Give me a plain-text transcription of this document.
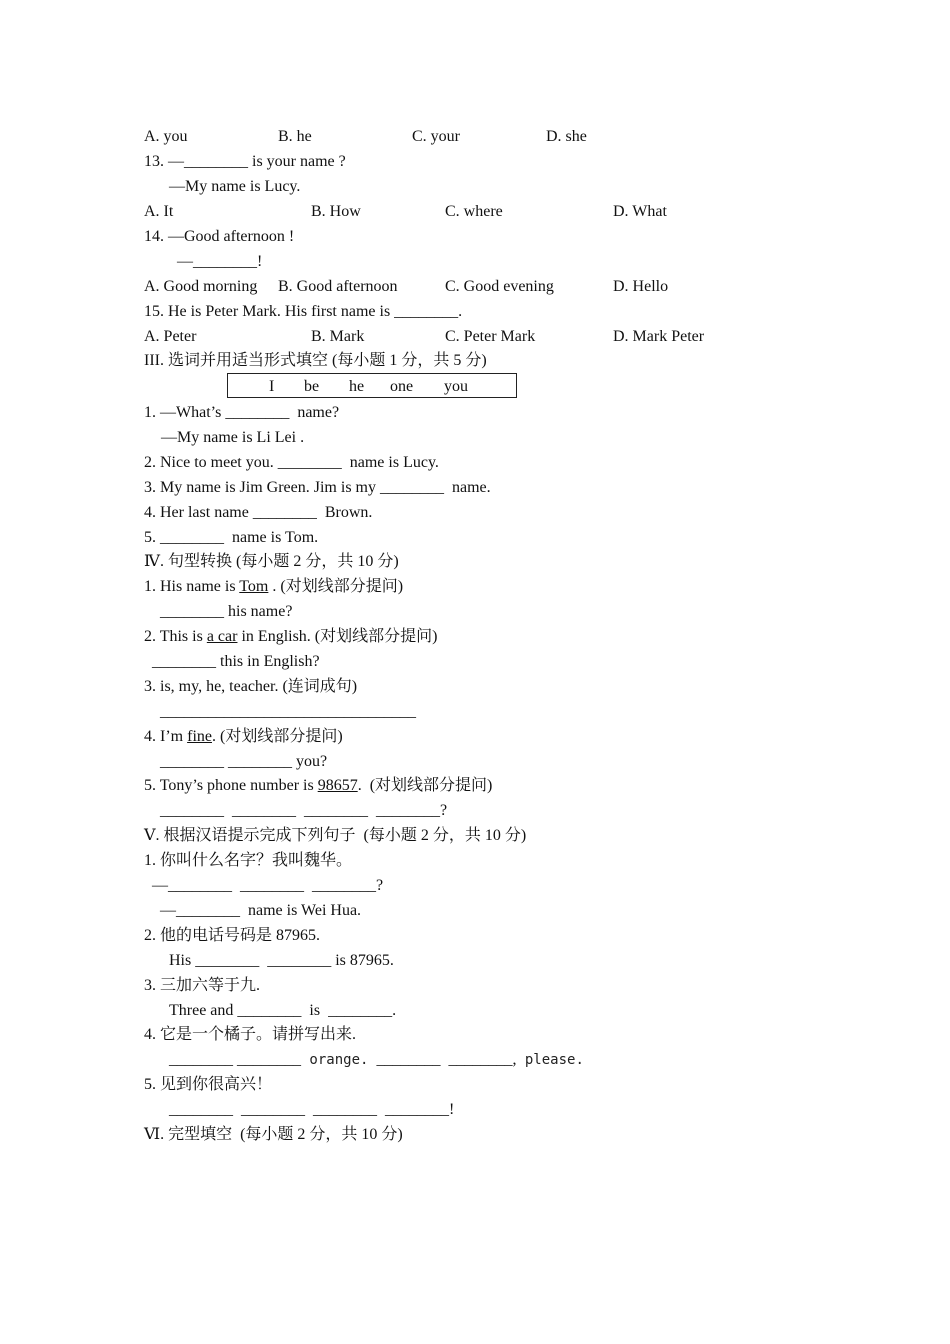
A. you	B. he	C. your	D. she
13. —________ is your name ?
—My name is Lucy.
A. It	B. How	C. where	D. What
14. —Good afternoon !
—________!
A. Good morning B. Good afternoon	C. Good evening	D. Hello
15. He is Peter Mark. His first name is ________.
A. Peter	B. Mark	C. Peter Mark	D. Mark Peter
III. 选词并用适当形式填空 (每小题 1 分，共 5 分)
I be he one you
1. —What’s ________  name?
—My name is Li Lei .
2. Nice to meet you. ________  name is Lucy.
3. My name is Jim Green. Jim is my ________  name.
4. Her last name ________  Brown.
5. ________  name is Tom.
Ⅳ. 句型转换 (每小题 2 分，共 10 分)
1. His name is Tom . (对划线部分提问)
________ his name?
2. This is a car in English. (对划线部分提问)
________ this in English?
3. is, my, he, teacher. (连词成句)
________________________________
4. I’m fine. (对划线部分提问)
________ ________ you?
5. Tony’s phone number is 98657.  (对划线部分提问)
________  ________  ________  ________?
Ⅴ. 根据汉语提示完成下列句子  (每小题 2 分，共 10 分)
1. 你叫什么名字？我叫魏华。
—________  ________  ________?
—________  name is Wei Hua.
2. 他的电话号码是 87965.
His ________  ________ is 87965.
3. 三加六等于九.
Three and ________  is  ________.
4. 它是一个橘子。请拼写出来.
________ ________ orange.  ________  ________, please.
5. 见到你很高兴！
________  ________  ________  ________!
Ⅵ. 完型填空  (每小题 2 分，共 10 分)
